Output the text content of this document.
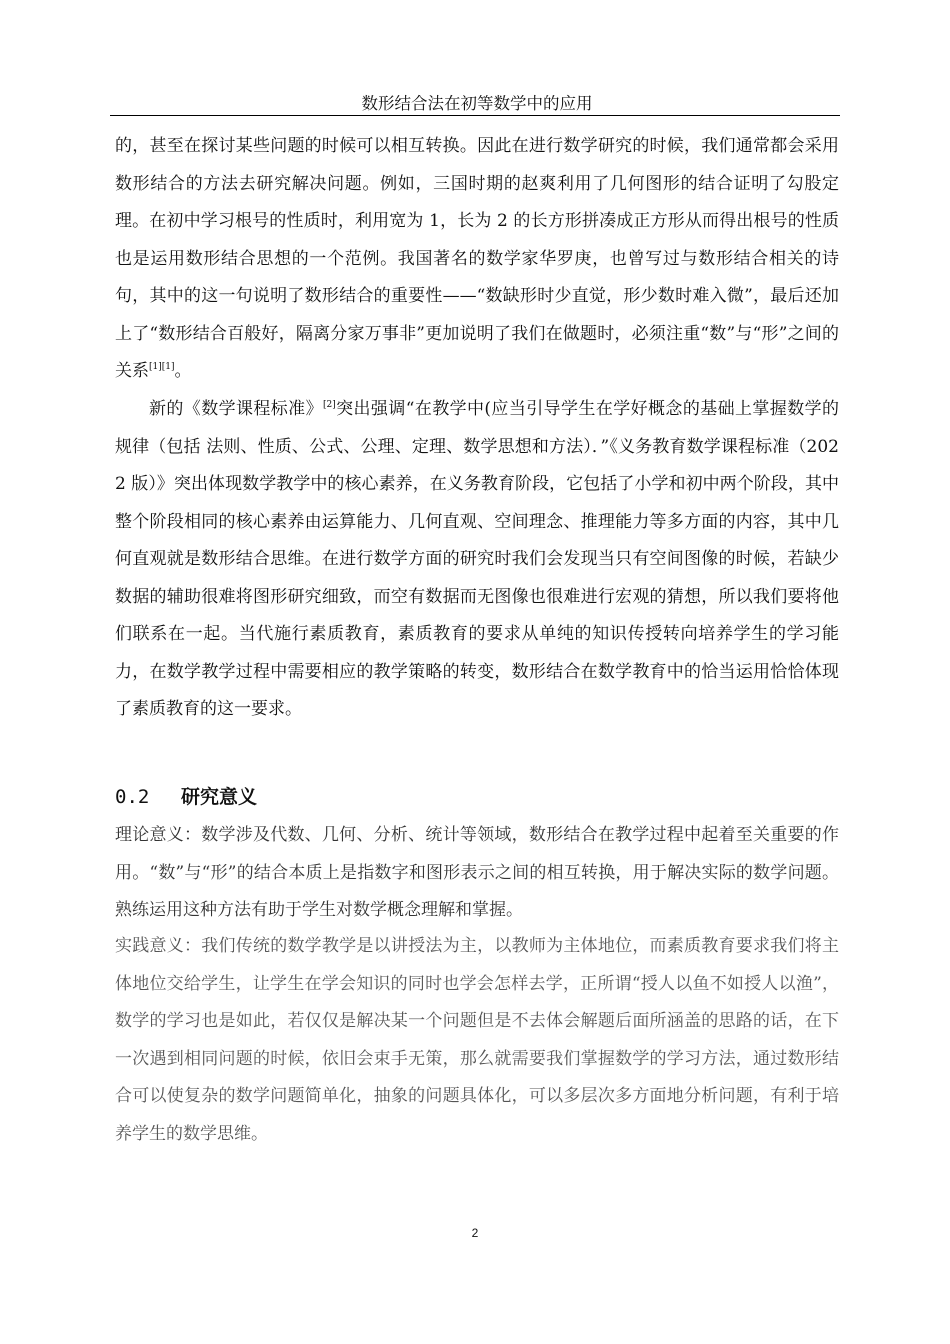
数形结合法在初等数学中的应用
的，甚至在探讨某些问题的时候可以相互转换。因此在进行数学研究的时候，我们通常都会采用数形结合的方法去研究解决问题。例如，三国时期的赵爽利用了几何图形的结合证明了勾股定理。在初中学习根号的性质时，利用宽为 1，长为 2 的长方形拼凑成正方形从而得出根号的性质也是运用数形结合思想的一个范例。我国著名的数学家华罗庚，也曾写过与数形结合相关的诗句，其中的这一句说明了数形结合的重要性——“数缺形时少直觉，形少数时难入微”，最后还加上了“数形结合百般好，隔离分家万事非”更加说明了我们在做题时，必须注重“数”与“形”之间的关系[1][1]。
新的《数学课程标准》[2]突出强调“在教学中(应当引导学生在学好概念的基础上掌握数学的规律（包括 法则、性质、公式、公理、定理、数学思想和方法）．”《义务教育数学课程标准（2022 版）》突出体现数学教学中的核心素养，在义务教育阶段，它包括了小学和初中两个阶段，其中整个阶段相同的核心素养由运算能力、几何直观、空间理念、推理能力等多方面的内容，其中几何直观就是数形结合思维。在进行数学方面的研究时我们会发现当只有空间图像的时候，若缺少数据的辅助很难将图形研究细致，而空有数据而无图像也很难进行宏观的猜想，所以我们要将他们联系在一起。当代施行素质教育，素质教育的要求从单纯的知识传授转向培养学生的学习能力，在数学教学过程中需要相应的教学策略的转变，数形结合在数学教育中的恰当运用恰恰体现了素质教育的这一要求。
0.2 研究意义
理论意义：数学涉及代数、几何、分析、统计等领域，数形结合在教学过程中起着至关重要的作用。“数”与“形”的结合本质上是指数字和图形表示之间的相互转换，用于解决实际的数学问题。熟练运用这种方法有助于学生对数学概念理解和掌握。
实践意义：我们传统的数学教学是以讲授法为主，以教师为主体地位，而素质教育要求我们将主体地位交给学生，让学生在学会知识的同时也学会怎样去学，正所谓“授人以鱼不如授人以渔”，数学的学习也是如此，若仅仅是解决某一个问题但是不去体会解题后面所涵盖的思路的话，在下一次遇到相同问题的时候，依旧会束手无策，那么就需要我们掌握数学的学习方法，通过数形结合可以使复杂的数学问题简单化，抽象的问题具体化，可以多层次多方面地分析问题，有利于培养学生的数学思维。
2
